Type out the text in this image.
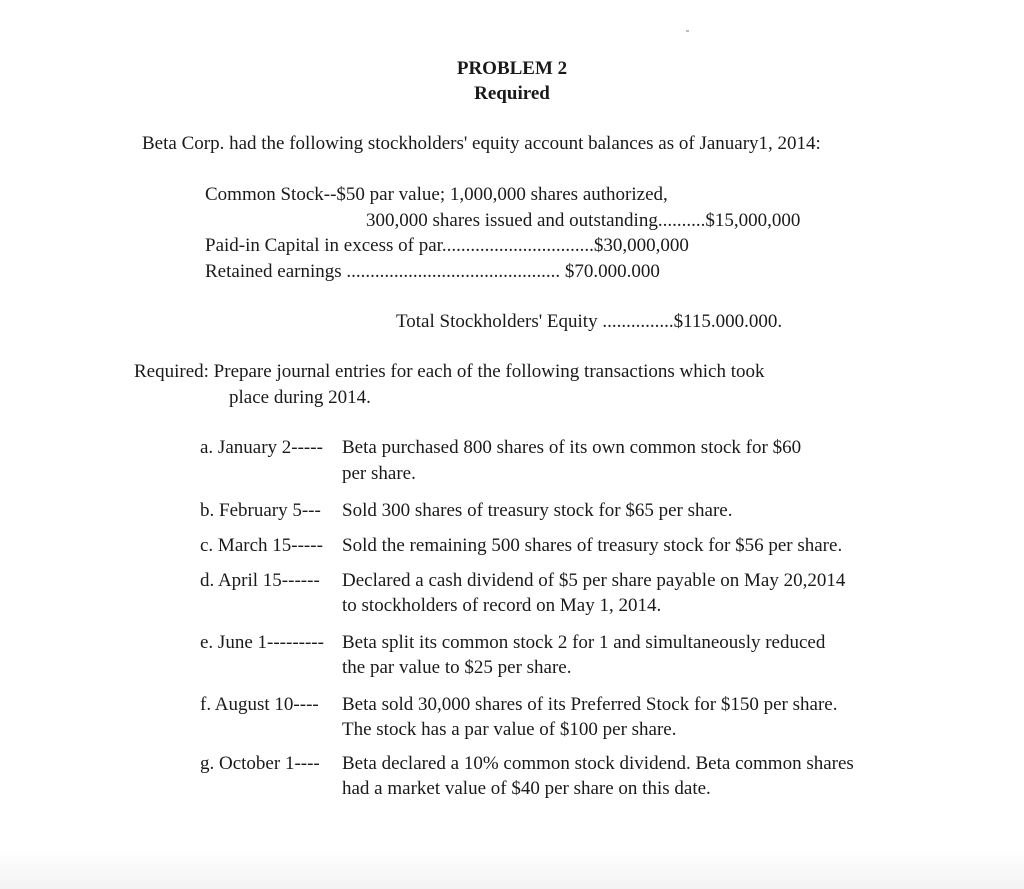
PROBLEM 2
Required
Beta Corp. had the following stockholders' equity account balances as of January1, 2014:
Common Stock--$50 par value; 1,000,000 shares authorized,
300,000 shares issued and outstanding..........$15,000,000
Paid-in Capital in excess of par................................$30,000,000
Retained earnings ............................................. $70.000.000
Total Stockholders' Equity ...............$115.000.000.
Required: Prepare journal entries for each of the following transactions which took
place during 2014.
a. January 2----- Beta purchased 800 shares of its own common stock for $60
per share.
b. February 5--- Sold 300 shares of treasury stock for $65 per share.
c. March 15----- Sold the remaining 500 shares of treasury stock for $56 per share.
d. April 15------ Declared a cash dividend of $5 per share payable on May 20,2014
to stockholders of record on May 1, 2014.
e. June 1--------- Beta split its common stock 2 for 1 and simultaneously reduced
the par value to $25 per share.
f. August 10---- Beta sold 30,000 shares of its Preferred Stock for $150 per share.
The stock has a par value of $100 per share.
g. October 1---- Beta declared a 10% common stock dividend. Beta common shares
had a market value of $40 per share on this date.
